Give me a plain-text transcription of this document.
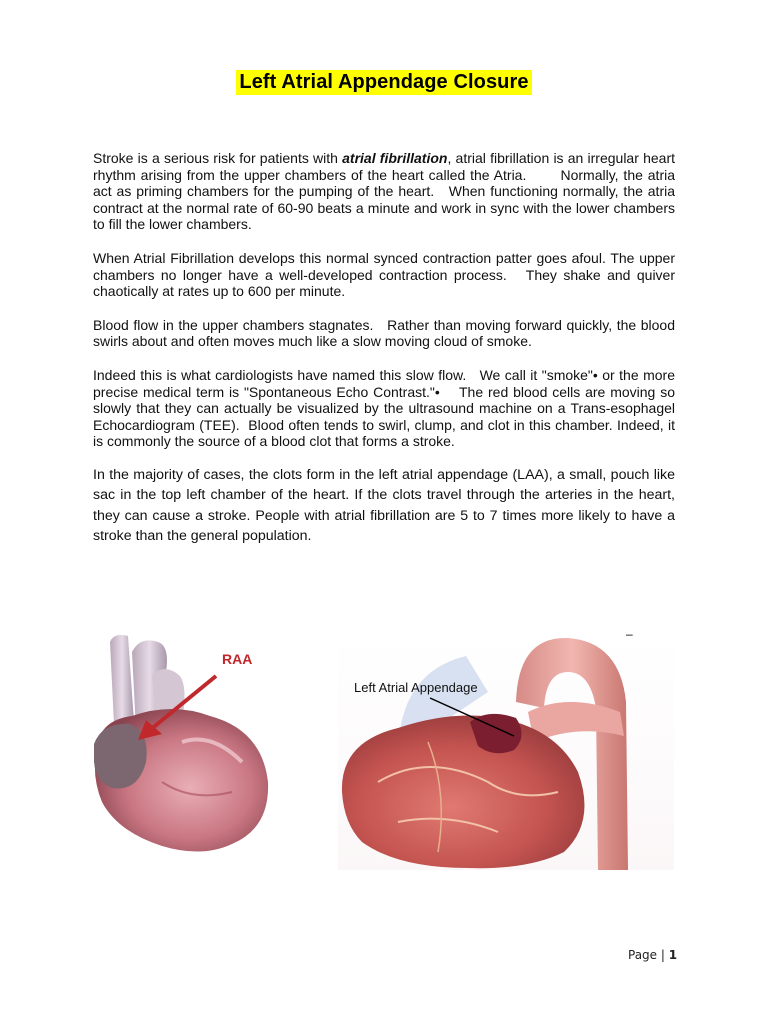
Left Atrial Appendage Closure

Stroke is a serious risk for patients with atrial fibrillation, atrial fibrillation is an irregular heart rhythm arising from the upper chambers of the heart called the Atria.       Normally, the atria act as priming chambers for the pumping of the heart.   When functioning normally, the atria contract at the normal rate of 60-90 beats a minute and work in sync with the lower chambers to fill the lower chambers.

When Atrial Fibrillation develops this normal synced contraction patter goes afoul. The upper chambers no longer have a well-developed contraction process.   They shake and quiver chaotically at rates up to 600 per minute.

Blood flow in the upper chambers stagnates.   Rather than moving forward quickly, the blood swirls about and often moves much like a slow moving cloud of smoke.

Indeed this is what cardiologists have named this slow flow.   We call it "smoke"• or the more precise medical term is "Spontaneous Echo Contrast."•    The red blood cells are moving so slowly that they can actually be visualized by the ultrasound machine on a Trans-esophagel Echocardiogram (TEE).  Blood often tends to swirl, clump, and clot in this chamber. Indeed, it is commonly the source of a blood clot that forms a stroke.

In the majority of cases, the clots form in the left atrial appendage (LAA), a small, pouch like sac in the top left chamber of the heart. If the clots travel through the arteries in the heart, they can cause a stroke. People with atrial fibrillation are 5 to 7 times more likely to have a stroke than the general population.

RAA
Left Atrial Appendage
–
Page | 1
